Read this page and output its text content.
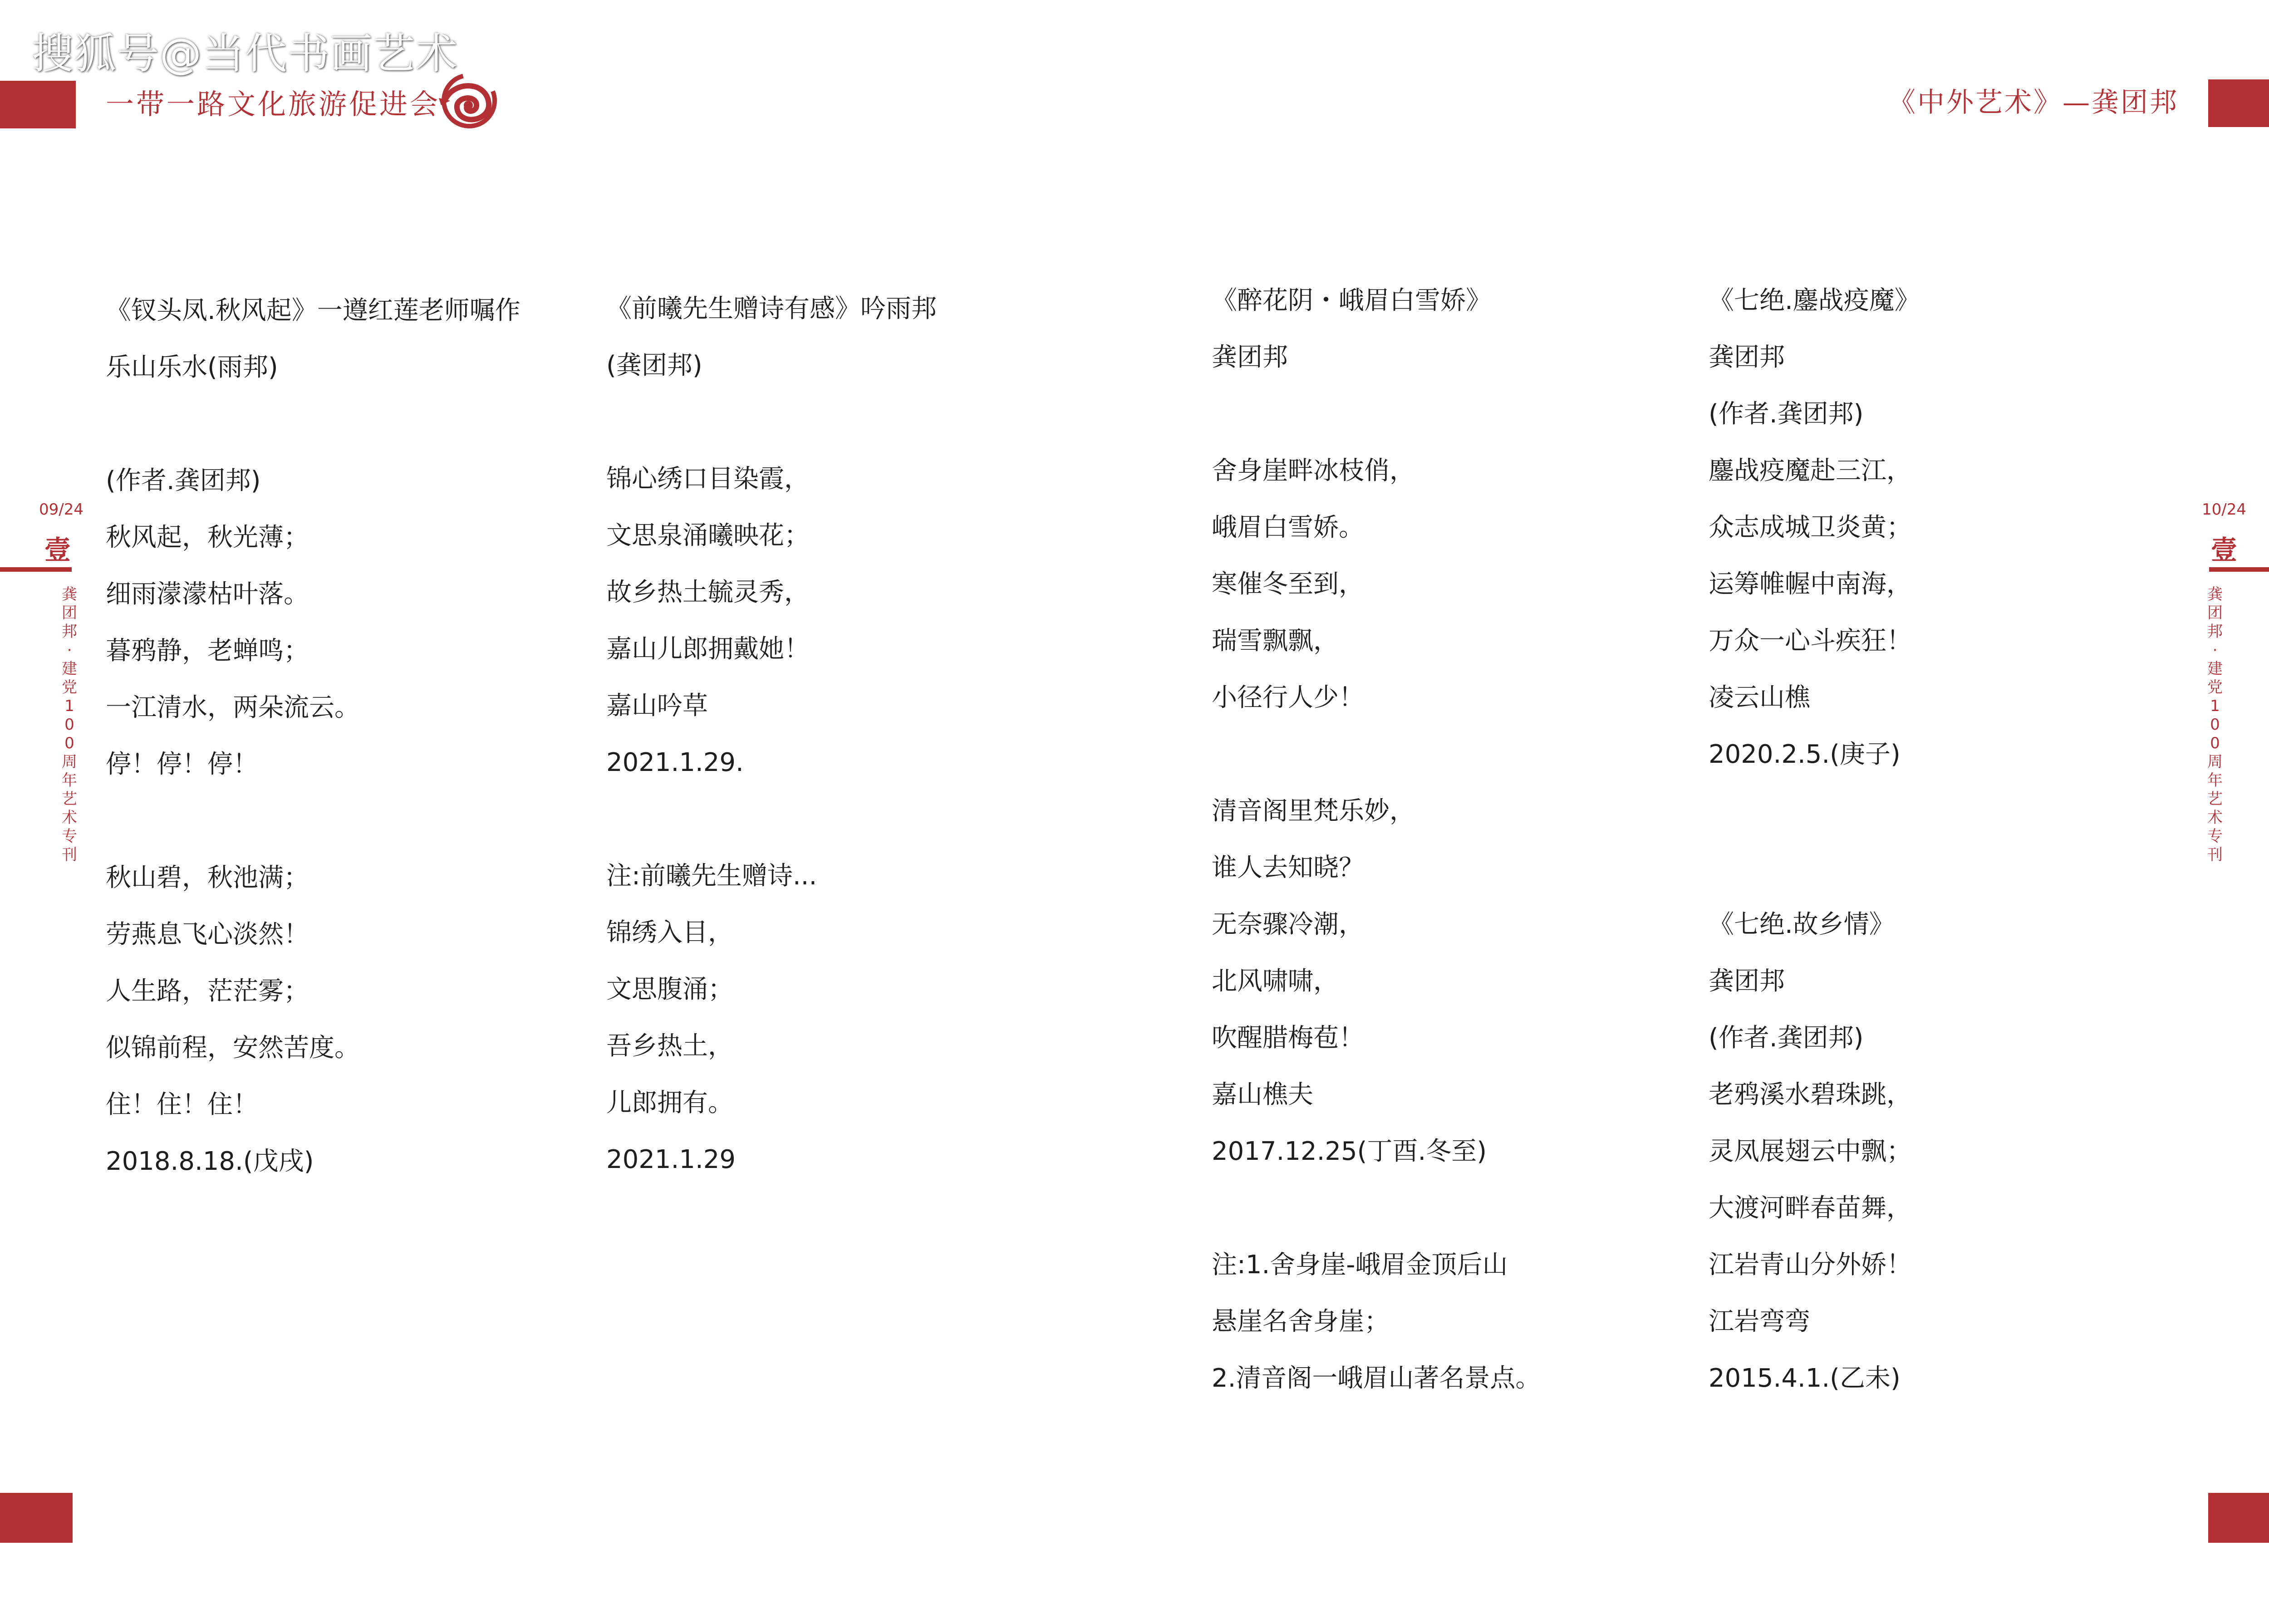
搜狐号@当代书画艺术
一带一路文化旅游促进会	《中外艺术》—龚团邦
09/24
壹
龚
团
邦
·
建
党
1
0
0
周
年
艺
术
专
刊
10/24
壹
龚
团
邦
·
建
党
1
0
0
周
年
艺
术
专
刊
《钗头凤.秋风起》一遵红莲老师嘱作
乐山乐水(雨邦)
(作者.龚团邦)
秋风起，秋光薄；
细雨濛濛枯叶落。
暮鸦静，老蝉鸣；
一江清水，两朵流云。
停！停！停！
秋山碧，秋池满；
劳燕息飞心淡然！
人生路，茫茫雾；
似锦前程，安然苦度。
住！住！住！
2018.8.18.(戊戌)
《前曦先生赠诗有感》吟雨邦
(龚团邦)
锦心绣口目染霞，
文思泉涌曦映花；
故乡热土毓灵秀，
嘉山儿郎拥戴她！
嘉山吟草
2021.1.29.
注:前曦先生赠诗...
锦绣入目，
文思腹涌；
吾乡热土，
儿郎拥有。
2021.1.29
《醉花阴・峨眉白雪娇》
龚团邦
舍身崖畔冰枝俏，
峨眉白雪娇。
寒催冬至到，
瑞雪飘飘，
小径行人少！
清音阁里梵乐妙，
谁人去知晓？
无奈骤冷潮，
北风啸啸，
吹醒腊梅苞！
嘉山樵夫
2017.12.25(丁酉.冬至)
注:1.舍身崖-峨眉金顶后山
悬崖名舍身崖；
2.清音阁一峨眉山著名景点。
《七绝.鏖战疫魔》
龚团邦
(作者.龚团邦)
鏖战疫魔赴三江，
众志成城卫炎黄；
运筹帷幄中南海，
万众一心斗疾狂！
凌云山樵
2020.2.5.(庚子)
《七绝.故乡情》
龚团邦
(作者.龚团邦)
老鸦溪水碧珠跳，
灵凤展翅云中飘；
大渡河畔春苗舞，
江岩青山分外娇！
江岩弯弯
2015.4.1.(乙未)
